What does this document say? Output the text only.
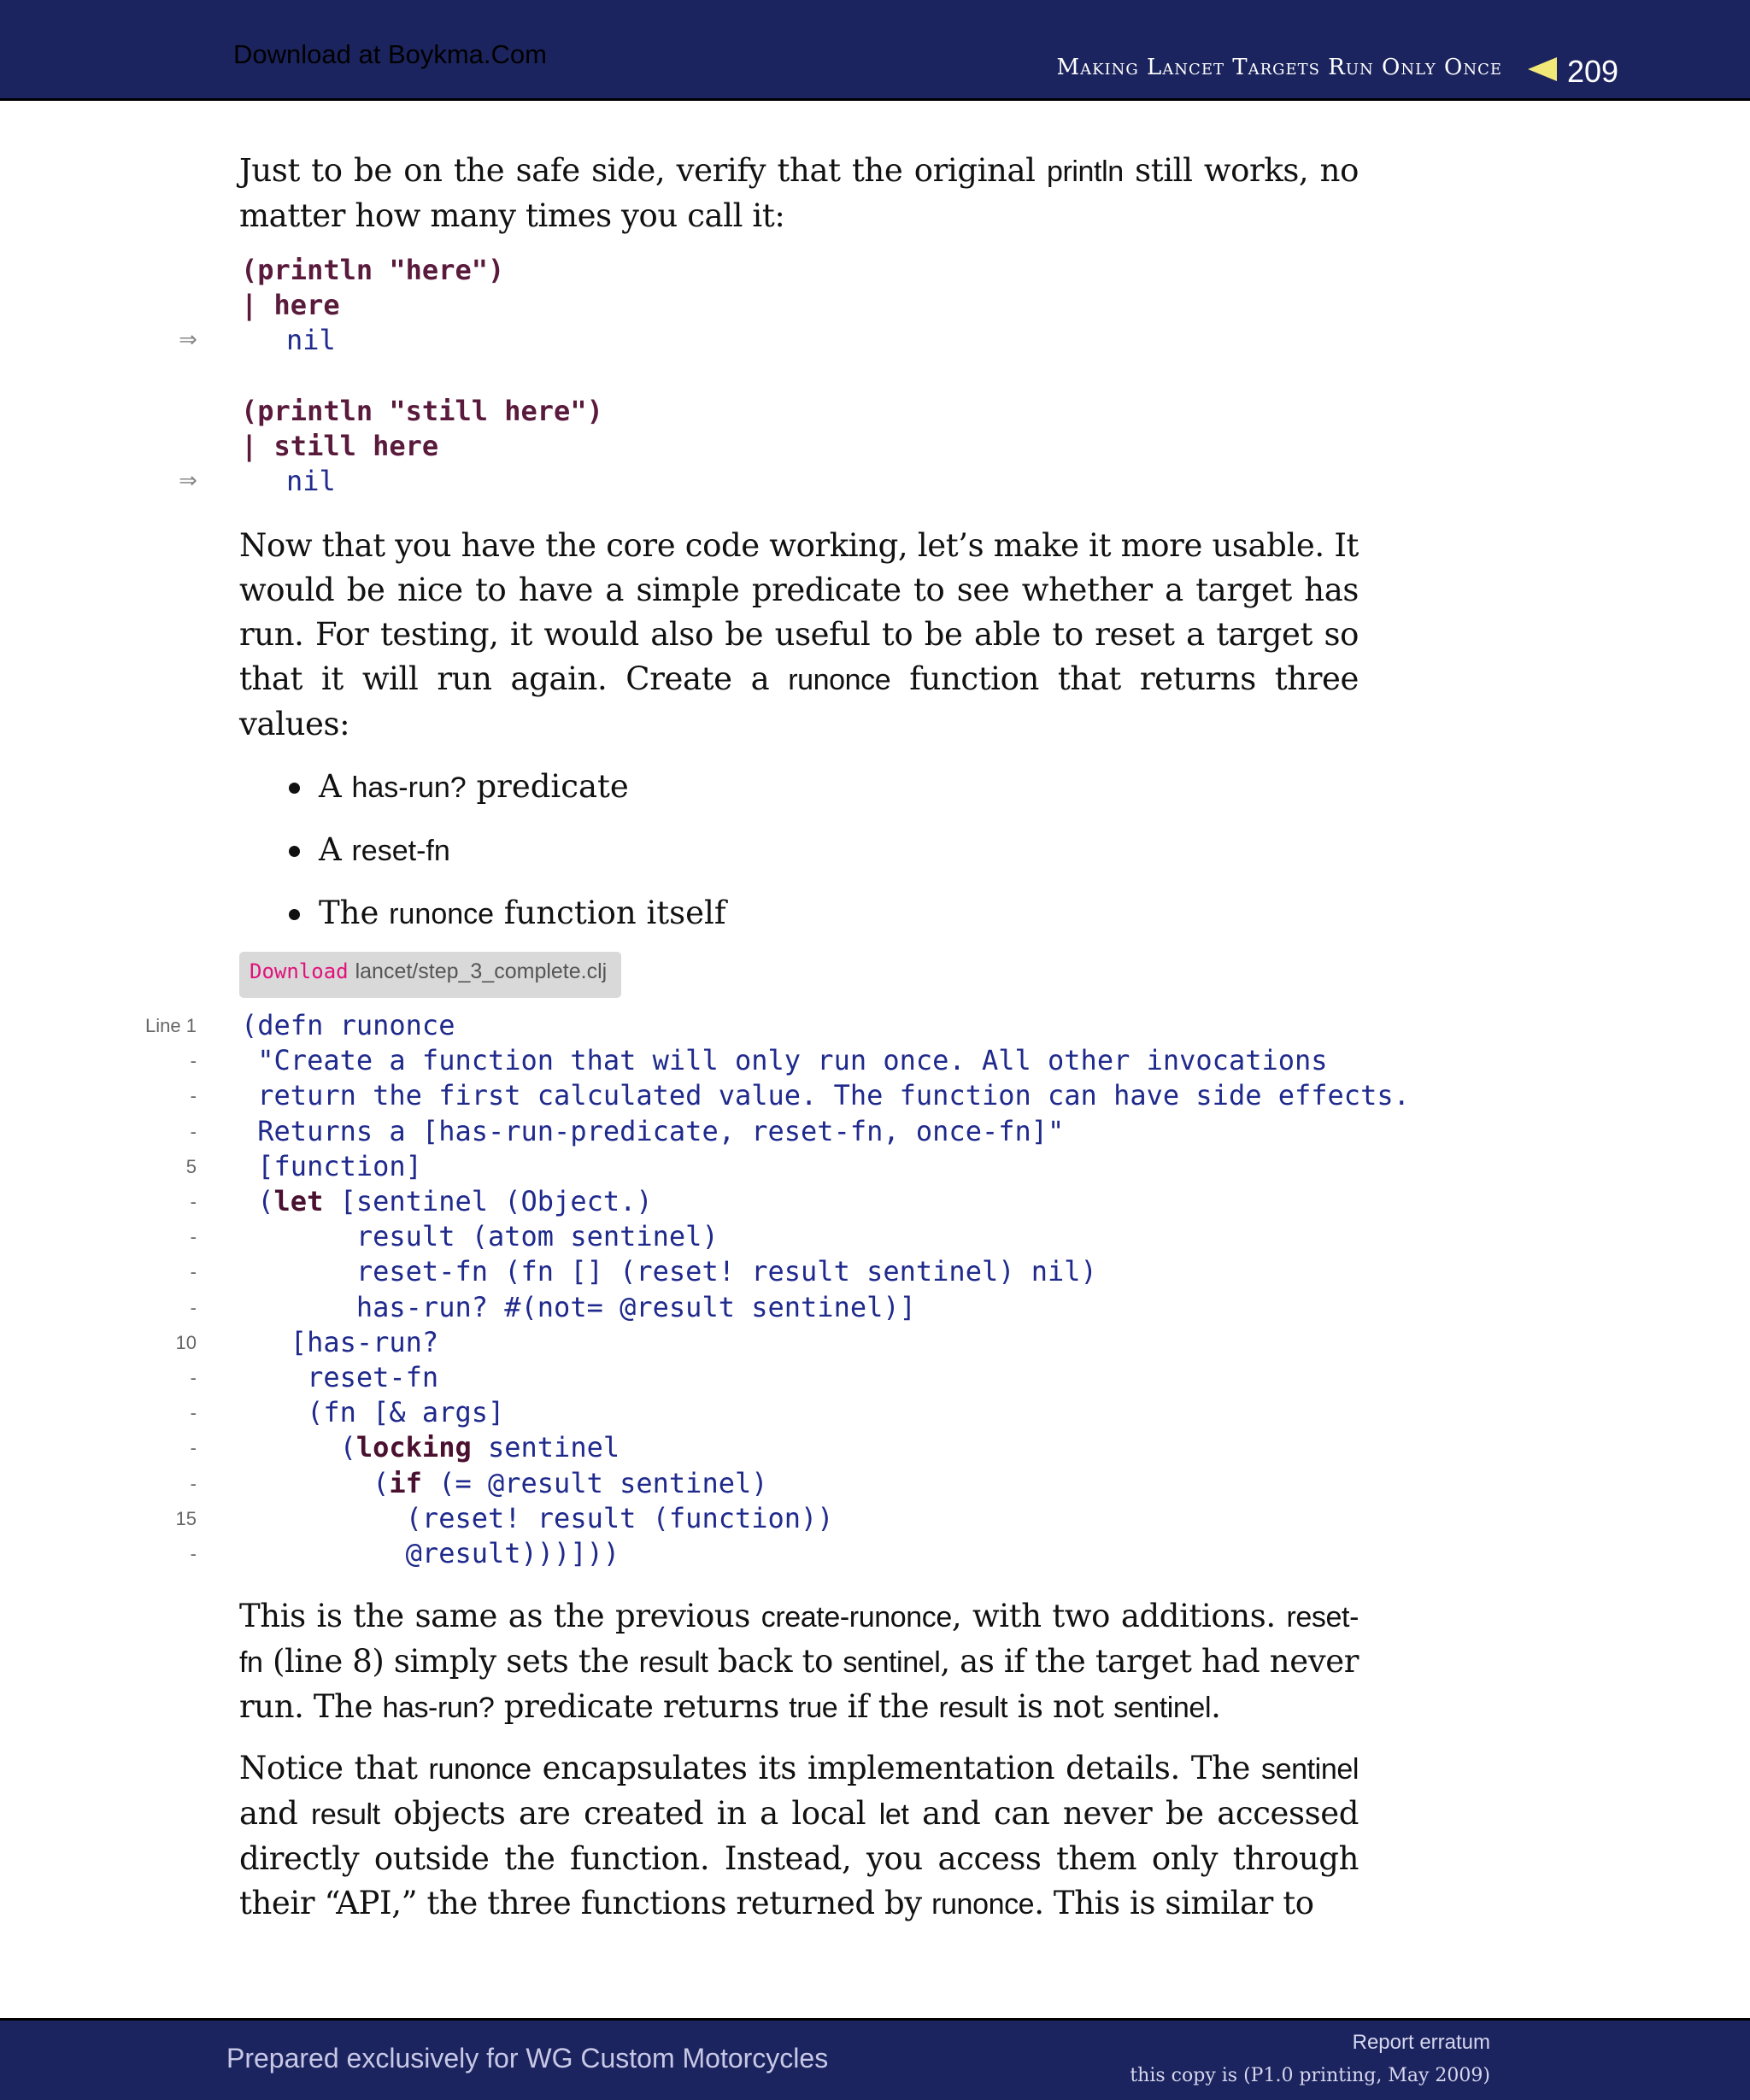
Download at Boykma.Com	Making Lancet Targets Run Only Once	209

Just to be on the safe side, verify that the original println still works, no matter how many times you call it:

(println "here")
| here
⇒	nil
(println "still here")
| still here
⇒	nil

Now that you have the core code working, let’s make it more usable. It would be nice to have a simple predicate to see whether a target has run. For testing, it would also be useful to be able to reset a target so that it will run again. Create a runonce function that returns three values:

A has-run? predicate
A reset-fn
The runonce function itself
Download lancet/step_3_complete.clj
Line 1 (defn runonce
- "Create a function that will only run once. All other invocations
- return the first calculated value. The function can have side effects.
- Returns a [has-run-predicate, reset-fn, once-fn]"
5 [function]
- (let [sentinel (Object.)
- result (atom sentinel)
- reset-fn (fn [] (reset! result sentinel) nil)
- has-run? #(not= @result sentinel)]
10 [has-run?
- reset-fn
- (fn [& args]
- (locking sentinel
- (if (= @result sentinel)
15 (reset! result (function))
- @result)))]))

This is the same as the previous create-runonce, with two additions. reset-fn (line 8) simply sets the result back to sentinel, as if the target had never run. The has-run? predicate returns true if the result is not sentinel.

Notice that runonce encapsulates its implementation details. The sentinel and result objects are created in a local let and can never be accessed directly outside the function. Instead, you access them only through their “API,” the three functions returned by runonce. This is similar to

Prepared exclusively for WG Custom Motorcycles
Report erratum
this copy is (P1.0 printing, May 2009)
